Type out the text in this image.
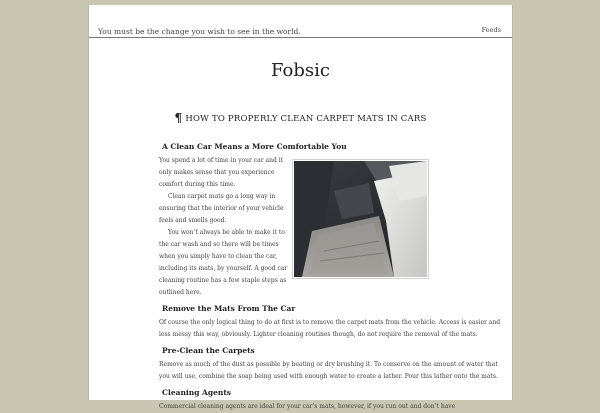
You must be the change you wish to see in the world.	Feeds
Fobsic
¶ HOW TO PROPERLY CLEAN CARPET MATS IN CARS
A Clean Car Means a More Comfortable You

You spend a lot of time in your car and it only makes sense that you experience comfort during this time.

Clean carpet mats go a long way in ensuring that the interior of your vehicle feels and smells good.

You won’t always be able to make it to the car wash and so there will be times when you simply have to clean the car, including its mats, by yourself. A good car cleaning routine has a few staple steps as outlined here.

Remove the Mats From The Car

Of course the only logical thing to do at first is to remove the carpet mats from the vehicle. Access is easier and less messy this way, obviously. Lighter cleaning routines though, do not require the removal of the mats.

Pre-Clean the Carpets

Remove as much of the dust as possible by beating or dry brushing it. To conserve on the amount of water that you will use, combine the soap being used with enough water to create a lather. Pour this lather onto the mats.

Cleaning Agents

Commercial cleaning agents are ideal for your car’s mats, however, if you run out and don’t have
